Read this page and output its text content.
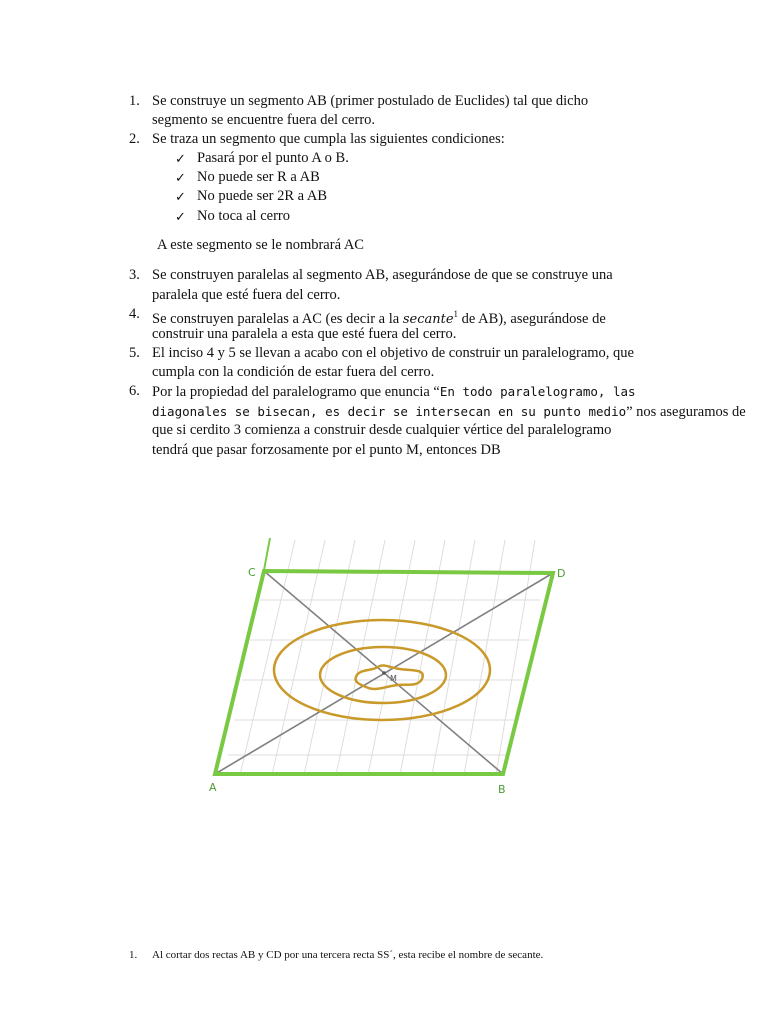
1. Se construye un segmento AB (primer postulado de Euclides) tal que dicho
segmento se encuentre fuera del cerro.
2. Se traza un segmento que cumpla las siguientes condiciones:
✓ Pasará por el punto A o B.
✓ No puede ser R a AB
✓ No puede ser 2R a AB
✓ No toca al cerro
A este segmento se le nombrará AC
3. Se construyen paralelas al segmento AB, asegurándose de que se construye una
paralela que esté fuera del cerro.
4. Se construyen paralelas a AC (es decir a la secante$^1$ de AB), asegurándose de
construir una paralela a esta que esté fuera del cerro.
5. El inciso 4 y 5 se llevan a acabo con el objetivo de construir un paralelogramo, que
cumpla con la condición de estar fuera del cerro.
6. Por la propiedad del paralelogramo que enuncia “En todo paralelogramo, las
diagonales se bisecan, es decir se intersecan en su punto medio” nos aseguramos de
que si cerdito 3 comienza a construir desde cualquier vértice del paralelogramo
tendrá que pasar forzosamente por el punto M, entonces DB
C	D
A	B
M
1. Al cortar dos rectas AB y CD por una tercera recta SS´, esta recibe el nombre de secante.
